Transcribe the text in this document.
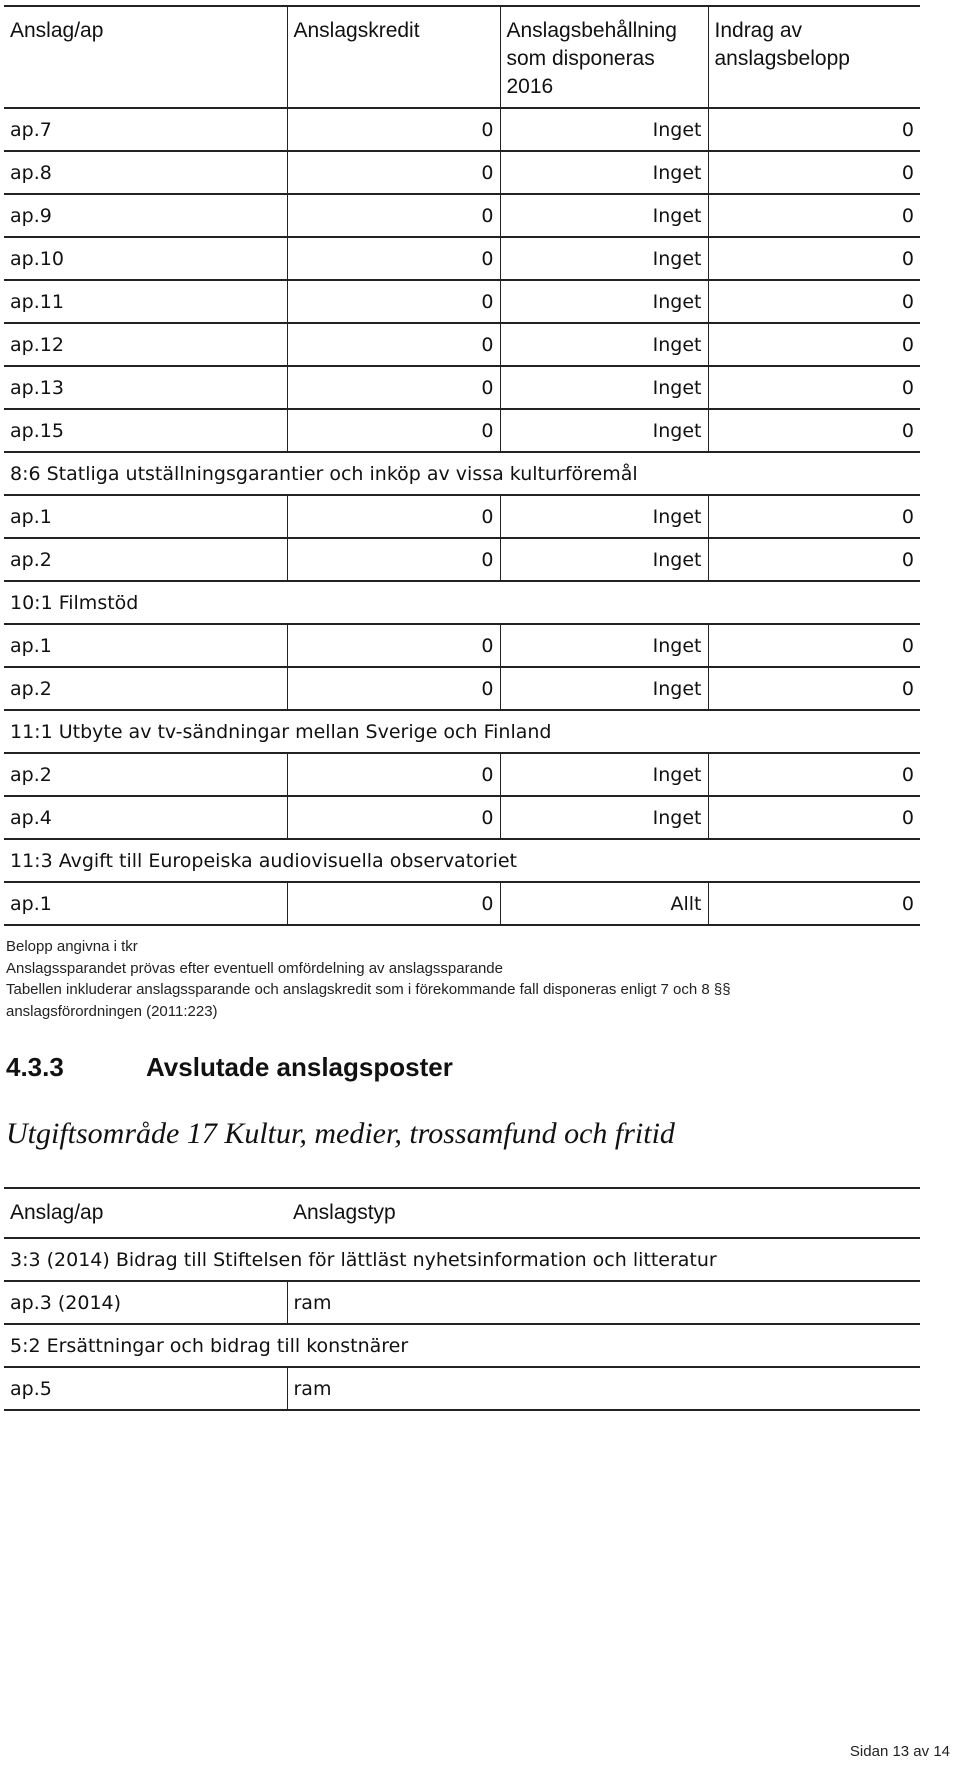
Anslag/ap	Anslagskredit	Anslagsbehållning som disponeras 2016	Indrag av anslagsbelopp
ap.7	0	Inget	0
ap.8	0	Inget	0
ap.9	0	Inget	0
ap.10	0	Inget	0
ap.11	0	Inget	0
ap.12	0	Inget	0
ap.13	0	Inget	0
ap.15	0	Inget	0
8:6 Statliga utställningsgarantier och inköp av vissa kulturföremål			
ap.1	0	Inget	0
ap.2	0	Inget	0
10:1 Filmstöd			
ap.1	0	Inget	0
ap.2	0	Inget	0
11:1 Utbyte av tv-sändningar mellan Sverige och Finland			
ap.2	0	Inget	0
ap.4	0	Inget	0
11:3 Avgift till Europeiska audiovisuella observatoriet			
ap.1	0	Allt	0
Belopp angivna i tkr
Anslagssparandet prövas efter eventuell omfördelning av anslagssparande
Tabellen inkluderar anslagssparande och anslagskredit som i förekommande fall disponeras enligt 7 och 8 §§
anslagsförordningen (2011:223)
4.3.3	Avslutade anslagsposter
Utgiftsområde 17 Kultur, medier, trossamfund och fritid
Anslag/ap	Anslagstyp
3:3 (2014) Bidrag till Stiftelsen för lättläst nyhetsinformation och litteratur	
ap.3 (2014)	ram
5:2 Ersättningar och bidrag till konstnärer	
ap.5	ram
Sidan 13 av 14
